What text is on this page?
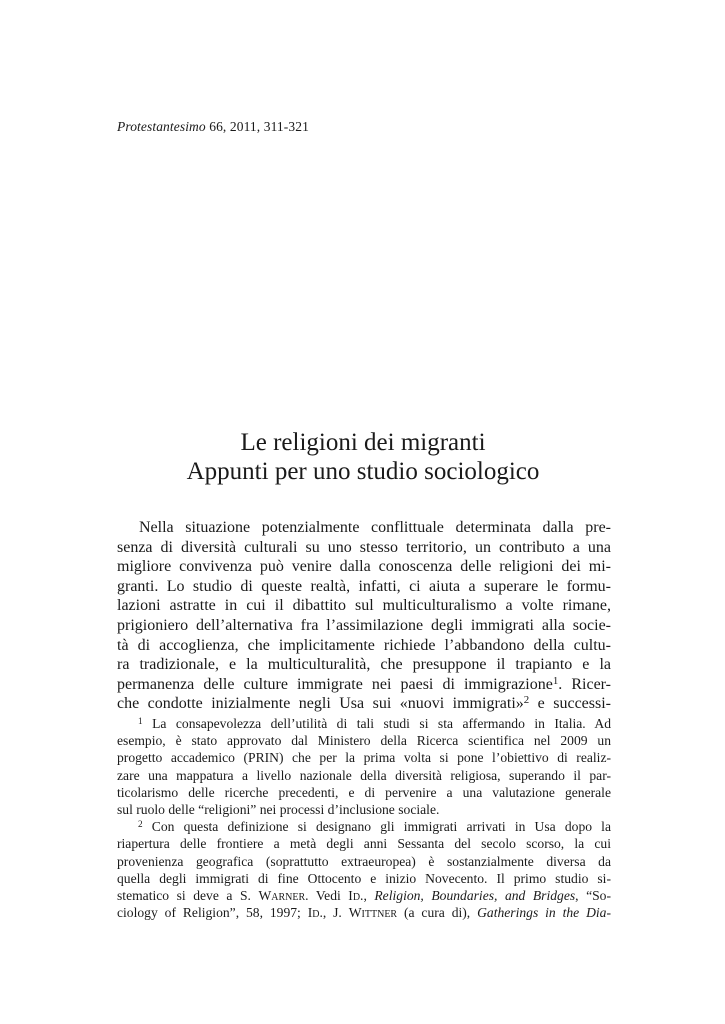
Protestantesimo 66, 2011, 311-321
Le religioni dei migranti
Appunti per uno studio sociologico
Nella situazione potenzialmente conflittuale determinata dalla pre-
senza di diversità culturali su uno stesso territorio, un contributo a una
migliore convivenza può venire dalla conoscenza delle religioni dei mi-
granti. Lo studio di queste realtà, infatti, ci aiuta a superare le formu-
lazioni astratte in cui il dibattito sul multiculturalismo a volte rimane,
prigioniero dell’alternativa fra l’assimilazione degli immigrati alla socie-
tà di accoglienza, che implicitamente richiede l’abbandono della cultu-
ra tradizionale, e la multiculturalità, che presuppone il trapianto e la
permanenza delle culture immigrate nei paesi di immigrazione$^1$. Ricer-
che condotte inizialmente negli Usa sui «nuovi immigrati»$^2$ e successi-
$^1$ La consapevolezza dell’utilità di tali studi si sta affermando in Italia. Ad
esempio, è stato approvato dal Ministero della Ricerca scientifica nel 2009 un
progetto accademico (PRIN) che per la prima volta si pone l’obiettivo di realiz-
zare una mappatura a livello nazionale della diversità religiosa, superando il par-
ticolarismo delle ricerche precedenti, e di pervenire a una valutazione generale
sul ruolo delle “religioni” nei processi d’inclusione sociale.
$^2$ Con questa definizione si designano gli immigrati arrivati in Usa dopo la
riapertura delle frontiere a metà degli anni Sessanta del secolo scorso, la cui
provenienza geografica (soprattutto extraeuropea) è sostanzialmente diversa da
quella degli immigrati di fine Ottocento e inizio Novecento. Il primo studio si-
stematico si deve a S. Warner. Vedi Id., Religion, Boundaries, and Bridges, “So-
ciology of Religion”, 58, 1997; Id., J. Wittner (a cura di), Gatherings in the Dia-
